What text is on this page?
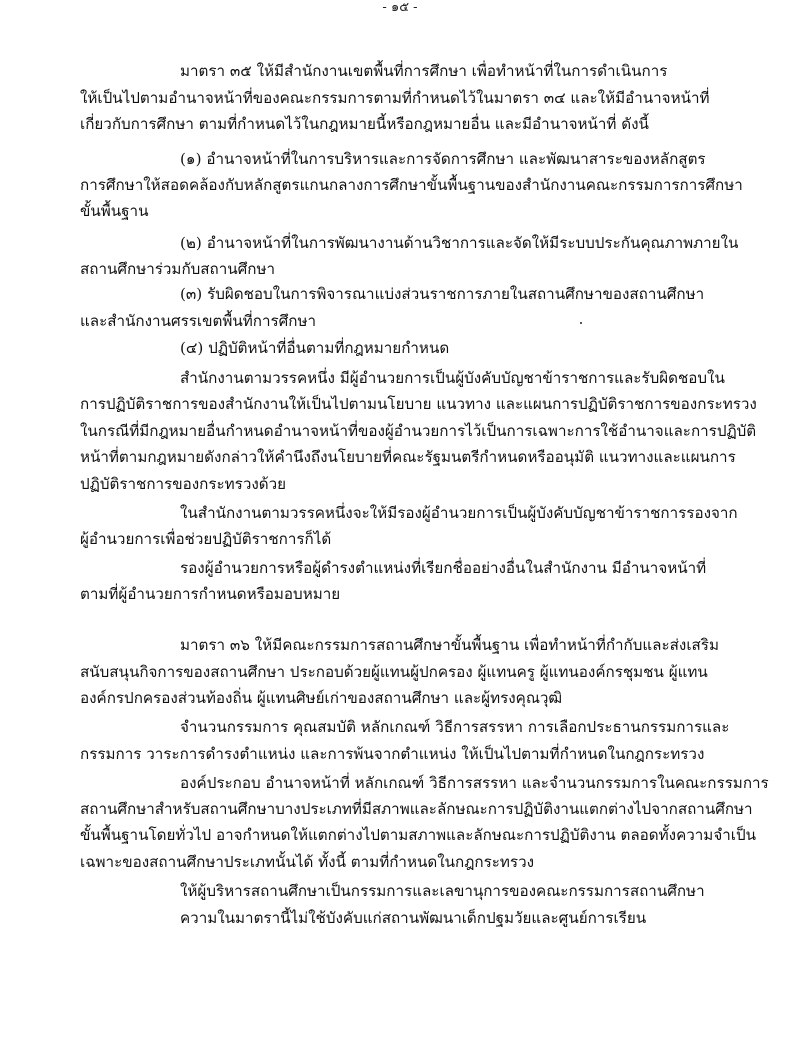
- ๑๕ -
มาตรา ๓๕ ให้มีสำนักงานเขตพื้นที่การศึกษา เพื่อทำหน้าที่ในการดำเนินการ
ให้เป็นไปตามอำนาจหน้าที่ของคณะกรรมการตามที่กำหนดไว้ในมาตรา ๓๔ และให้มีอำนาจหน้าที่
เกี่ยวกับการศึกษา ตามที่กำหนดไว้ในกฎหมายนี้หรือกฎหมายอื่น และมีอำนาจหน้าที่ ดังนี้
(๑) อำนาจหน้าที่ในการบริหารและการจัดการศึกษา และพัฒนาสาระของหลักสูตร
การศึกษาให้สอดคล้องกับหลักสูตรแกนกลางการศึกษาขั้นพื้นฐานของสำนักงานคณะกรรมการการศึกษา
ขั้นพื้นฐาน
(๒) อำนาจหน้าที่ในการพัฒนางานด้านวิชาการและจัดให้มีระบบประกันคุณภาพภายใน
สถานศึกษาร่วมกับสถานศึกษา
(๓) รับผิดชอบในการพิจารณาแบ่งส่วนราชการภายในสถานศึกษาของสถานศึกษา
และสำนักงานศรรเขตพื้นที่การศึกษา
(๔) ปฏิบัติหน้าที่อื่นตามที่กฎหมายกำหนด
สำนักงานตามวรรคหนึ่ง มีผู้อำนวยการเป็นผู้บังคับบัญชาข้าราชการและรับผิดชอบใน
การปฏิบัติราชการของสำนักงานให้เป็นไปตามนโยบาย แนวทาง และแผนการปฏิบัติราชการของกระทรวง
ในกรณีที่มีกฎหมายอื่นกำหนดอำนาจหน้าที่ของผู้อำนวยการไว้เป็นการเฉพาะการใช้อำนาจและการปฏิบัติ
หน้าที่ตามกฎหมายดังกล่าวให้คำนึงถึงนโยบายที่คณะรัฐมนตรีกำหนดหรืออนุมัติ แนวทางและแผนการ
ปฏิบัติราชการของกระทรวงด้วย
ในสำนักงานตามวรรคหนึ่งจะให้มีรองผู้อำนวยการเป็นผู้บังคับบัญชาข้าราชการรองจาก
ผู้อำนวยการเพื่อช่วยปฏิบัติราชการก็ได้
รองผู้อำนวยการหรือผู้ดำรงตำแหน่งที่เรียกชื่ออย่างอื่นในสำนักงาน มีอำนาจหน้าที่
ตามที่ผู้อำนวยการกำหนดหรือมอบหมาย
มาตรา ๓๖ ให้มีคณะกรรมการสถานศึกษาขั้นพื้นฐาน เพื่อทำหน้าที่กำกับและส่งเสริม
สนับสนุนกิจการของสถานศึกษา ประกอบด้วยผู้แทนผู้ปกครอง ผู้แทนครู ผู้แทนองค์กรชุมชน ผู้แทน
องค์กรปกครองส่วนท้องถิ่น ผู้แทนศิษย์เก่าของสถานศึกษา และผู้ทรงคุณวุฒิ
จำนวนกรรมการ คุณสมบัติ หลักเกณฑ์ วิธีการสรรหา การเลือกประธานกรรมการและ
กรรมการ วาระการดำรงตำแหน่ง และการพ้นจากตำแหน่ง ให้เป็นไปตามที่กำหนดในกฎกระทรวง
องค์ประกอบ อำนาจหน้าที่ หลักเกณฑ์ วิธีการสรรหา และจำนวนกรรมการในคณะกรรมการ
สถานศึกษาสำหรับสถานศึกษาบางประเภทที่มีสภาพและลักษณะการปฏิบัติงานแตกต่างไปจากสถานศึกษา
ขั้นพื้นฐานโดยทั่วไป อาจกำหนดให้แตกต่างไปตามสภาพและลักษณะการปฏิบัติงาน ตลอดทั้งความจำเป็น
เฉพาะของสถานศึกษาประเภทนั้นได้ ทั้งนี้ ตามที่กำหนดในกฎกระทรวง
ให้ผู้บริหารสถานศึกษาเป็นกรรมการและเลขานุการของคณะกรรมการสถานศึกษา
ความในมาตรานี้ไม่ใช้บังคับแก่สถานพัฒนาเด็กปฐมวัยและศูนย์การเรียน
